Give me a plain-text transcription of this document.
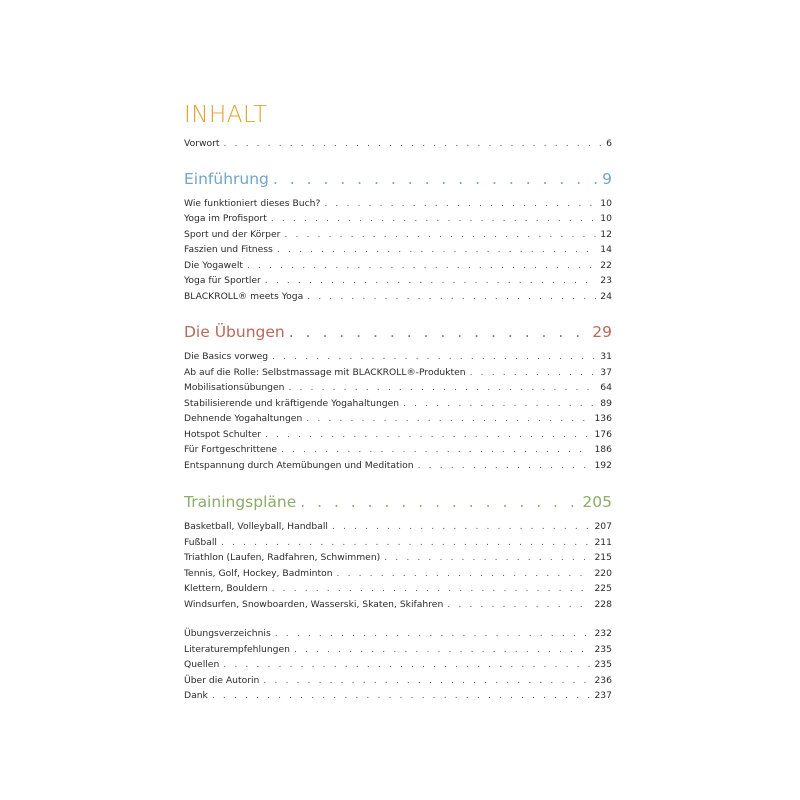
INHALT
Vorwort . . .	6
Einführung . . .	9
Wie funktioniert dieses Buch? . . .	10
Yoga im Profisport . . .	10
Sport und der Körper . . .	12
Faszien und Fitness . . .	14
Die Yogawelt . . .	22
Yoga für Sportler . . .	23
BLACKROLL® meets Yoga . . .	24
Die Übungen . . .	29
Die Basics vorweg . . .	31
Ab auf die Rolle: Selbstmassage mit BLACKROLL®-Produkten . . .	37
Mobilisationsübungen . . .	64
Stabilisierende und kräftigende Yogahaltungen . . .	89
Dehnende Yogahaltungen . . .	136
Hotspot Schulter . . .	176
Für Fortgeschrittene . . .	186
Entspannung durch Atemübungen und Meditation . . .	192
Trainingspläne . . .	205
Basketball, Volleyball, Handball . . .	207
Fußball . . .	211
Triathlon (Laufen, Radfahren, Schwimmen) . . .	215
Tennis, Golf, Hockey, Badminton . . .	220
Klettern, Bouldern . . .	225
Windsurfen, Snowboarden, Wasserski, Skaten, Skifahren . . .	228
Übungsverzeichnis . . .	232
Literaturempfehlungen . . .	235
Quellen . . .	235
Über die Autorin . . .	236
Dank . . .	237
